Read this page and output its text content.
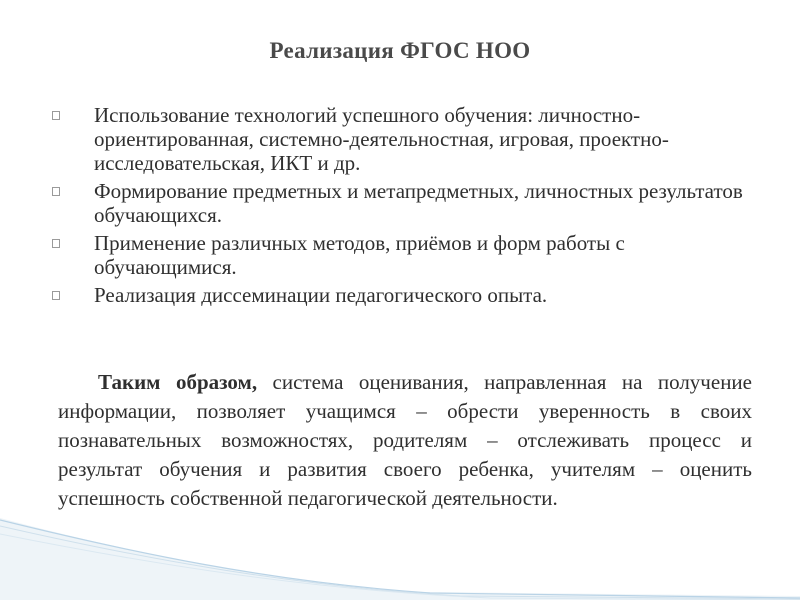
Реализация ФГОС НОО
Использование технологий успешного обучения: личностно-ориентированная, системно-деятельностная, игровая, проектно-исследовательская, ИКТ и др.
Формирование предметных и метапредметных, личностных результатов обучающихся.
Применение различных методов, приёмов и форм работы с обучающимися.
Реализация диссеминации педагогического опыта.

Таким образом, система оценивания, направленная на получение информации, позволяет учащимся – обрести уверенность в своих познавательных возможностях, родителям – отслеживать процесс и результат обучения и развития своего ребенка, учителям – оценить успешность собственной педагогической деятельности.
